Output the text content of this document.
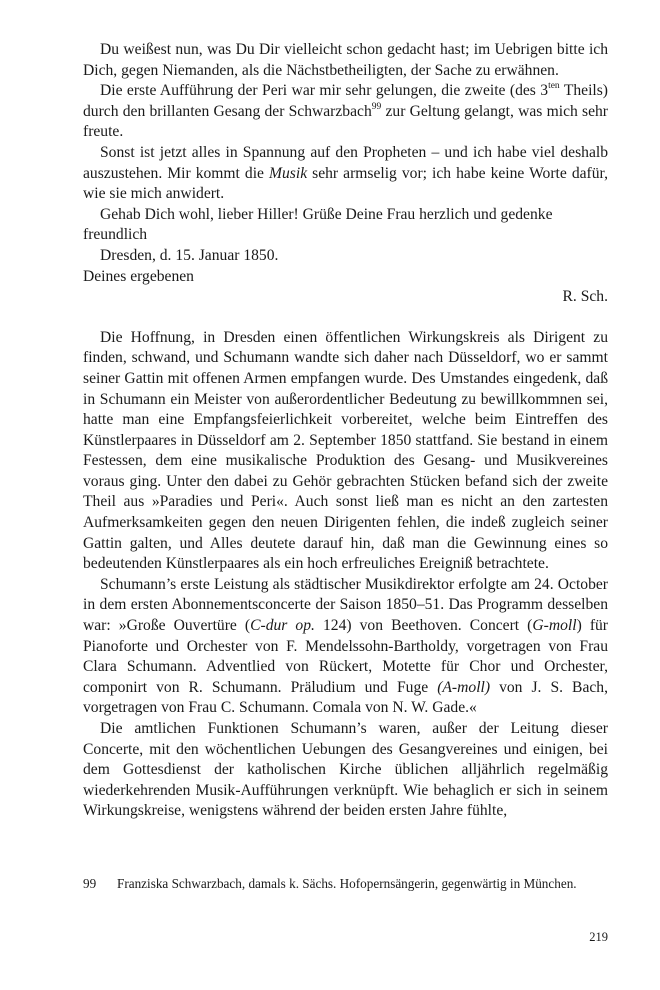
Du weißest nun, was Du Dir vielleicht schon gedacht hast; im Uebrigen bitte ich Dich, gegen Niemanden, als die Nächstbetheiligten, der Sache zu erwähnen.

Die erste Aufführung der Peri war mir sehr gelungen, die zweite (des $3^{ten}$ Theils) durch den brillanten Gesang der Schwarzbach$^{99}$ zur Geltung gelangt, was mich sehr freute.

Sonst ist jetzt alles in Spannung auf den Propheten – und ich habe viel deshalb auszustehen. Mir kommt die Musik sehr armselig vor; ich habe keine Worte dafür, wie sie mich anwidert.

Gehab Dich wohl, lieber Hiller! Grüße Deine Frau herzlich und gedenke freundlich

Dresden, d. 15. Januar 1850.

Deines ergebenen

R. Sch.

Die Hoffnung, in Dresden einen öffentlichen Wirkungskreis als Dirigent zu finden, schwand, und Schumann wandte sich daher nach Düsseldorf, wo er sammt seiner Gattin mit offenen Armen empfangen wurde. Des Umstandes eingedenk, daß in Schumann ein Meister von außerordentlicher Bedeutung zu bewillkommnen sei, hatte man eine Empfangsfeierlichkeit vorbereitet, welche beim Eintreffen des Künstlerpaares in Düsseldorf am 2. September 1850 stattfand. Sie bestand in einem Festessen, dem eine musikalische Produktion des Gesang- und Musikvereines voraus ging. Unter den dabei zu Gehör gebrachten Stücken befand sich der zweite Theil aus »Paradies und Peri«. Auch sonst ließ man es nicht an den zartesten Aufmerksamkeiten gegen den neuen Dirigenten fehlen, die indeß zugleich seiner Gattin galten, und Alles deutete darauf hin, daß man die Gewinnung eines so bedeutenden Künstlerpaares als ein hoch erfreuliches Ereigniß betrachtete.

Schumann’s erste Leistung als städtischer Musikdirektor erfolgte am 24. October in dem ersten Abonnementsconcerte der Saison 1850–51. Das Programm desselben war: »Große Ouvertüre (C-dur op. 124) von Beethoven. Concert (G-moll) für Pianoforte und Orchester von F. Mendelssohn-Bartholdy, vorgetragen von Frau Clara Schumann. Adventlied von Rückert, Motette für Chor und Orchester, componirt von R. Schumann. Präludium und Fuge (A-moll) von J. S. Bach, vorgetragen von Frau C. Schumann. Comala von N. W. Gade.«

Die amtlichen Funktionen Schumann’s waren, außer der Leitung dieser Concerte, mit den wöchentlichen Uebungen des Gesangvereines und einigen, bei dem Gottesdienst der katholischen Kirche üblichen alljährlich regelmäßig wiederkehrenden Musik-Aufführungen verknüpft. Wie behaglich er sich in seinem Wirkungskreise, wenigstens während der beiden ersten Jahre fühlte,

99 Franziska Schwarzbach, damals k. Sächs. Hofopernsängerin, gegenwärtig in München.

219
